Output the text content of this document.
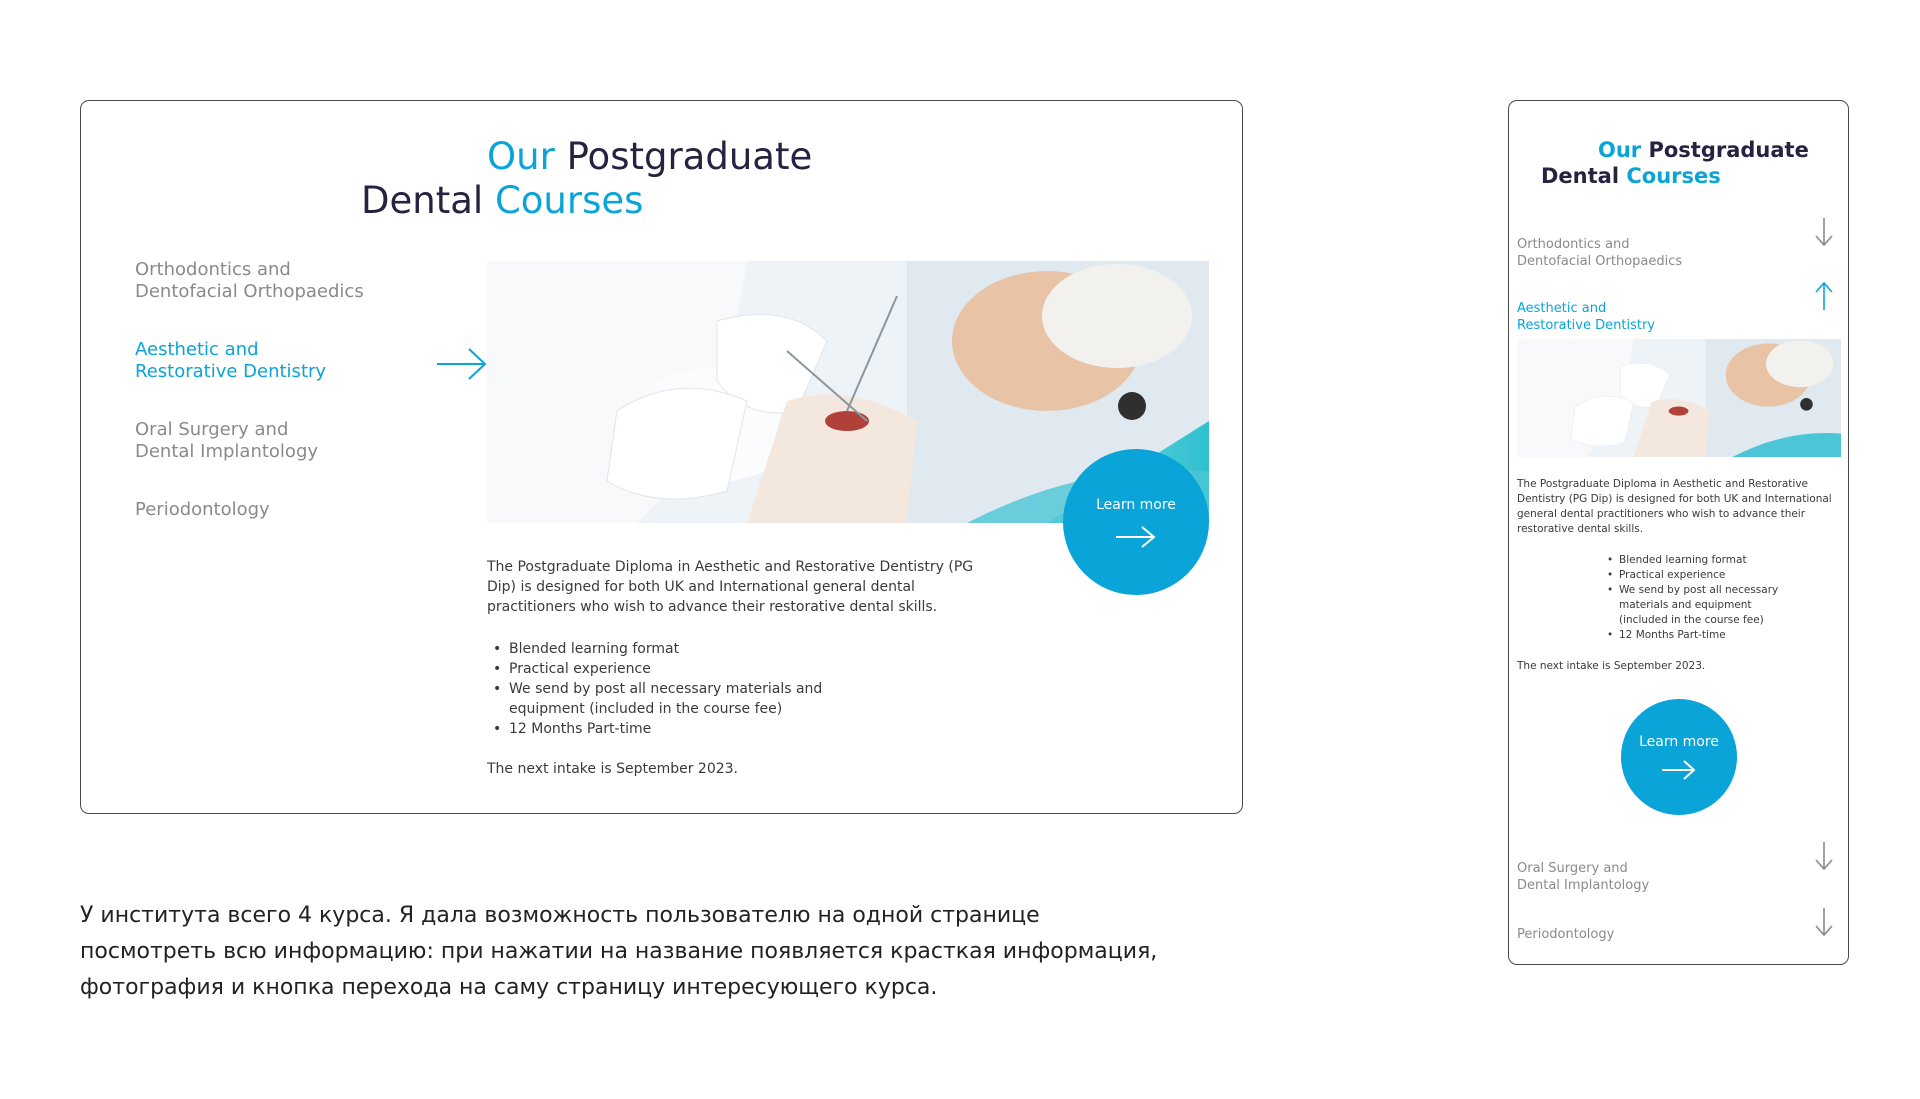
Our Postgraduate
Dental Courses
Orthodontics and
Dentofacial Orthopaedics
Aesthetic and
Restorative Dentistry
Oral Surgery and
Dental Implantology
Periodontology	Learn more

The Postgraduate Diploma in Aesthetic and Restorative Dentistry (PG Dip) is designed for both UK and International general dental practitioners who wish to advance their restorative dental skills.

• Blended learning format
• Practical experience
• We send by post all necessary materials and equipment (included in the course fee)
• 12 Months Part-time

The next intake is September 2023.

У института всего 4 курса. Я дала возможность пользователю на одной странице посмотреть всю информацию: при нажатии на название появляется красткая информация, фотография и кнопка перехода на саму страницу интересующего курса.

Our Postgraduate
Dental Courses

Orthodontics and
Dentofacial Orthopaedics

Aesthetic and
Restorative Dentistry

The Postgraduate Diploma in Aesthetic and Restorative Dentistry (PG Dip) is designed for both UK and International general dental practitioners who wish to advance their restorative dental skills.

• Blended learning format
• Practical experience
• We send by post all necessary materials and equipment (included in the course fee)
• 12 Months Part-time

The next intake is September 2023.

Learn more

Oral Surgery and
Dental Implantology

Periodontology
